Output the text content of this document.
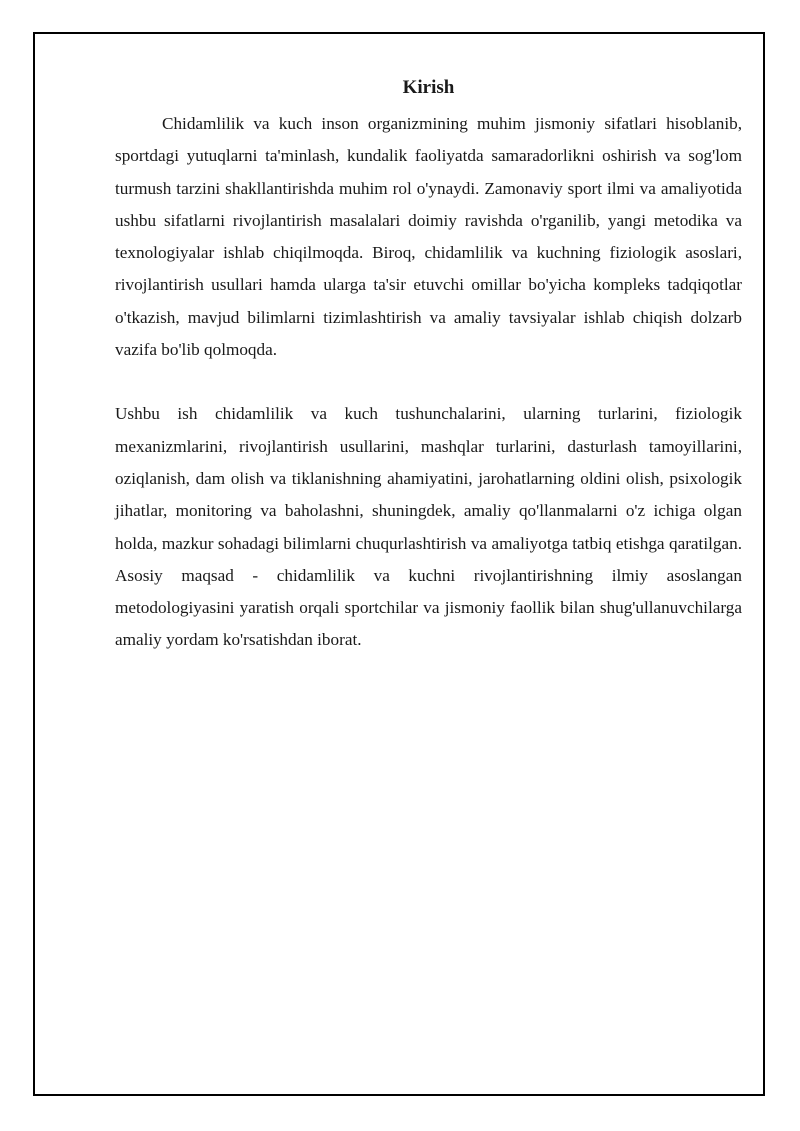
Kirish

Chidamlilik va kuch inson organizmining muhim jismoniy sifatlari hisoblanib, sportdagi yutuqlarni ta'minlash, kundalik faoliyatda samaradorlikni oshirish va sog'lom turmush tarzini shakllantirishda muhim rol o'ynaydi. Zamonaviy sport ilmi va amaliyotida ushbu sifatlarni rivojlantirish masalalari doimiy ravishda o'rganilib, yangi metodika va texnologiyalar ishlab chiqilmoqda. Biroq, chidamlilik va kuchning fiziologik asoslari, rivojlantirish usullari hamda ularga ta'sir etuvchi omillar bo'yicha kompleks tadqiqotlar o'tkazish, mavjud bilimlarni tizimlashtirish va amaliy tavsiyalar ishlab chiqish dolzarb vazifa bo'lib qolmoqda.

Ushbu ish chidamlilik va kuch tushunchalarini, ularning turlarini, fiziologik mexanizmlarini, rivojlantirish usullarini, mashqlar turlarini, dasturlash tamoyillarini, oziqlanish, dam olish va tiklanishning ahamiyatini, jarohatlarning oldini olish, psixologik jihatlar, monitoring va baholashni, shuningdek, amaliy qo'llanmalarni o'z ichiga olgan holda, mazkur sohadagi bilimlarni chuqurlashtirish va amaliyotga tatbiq etishga qaratilgan. Asosiy maqsad - chidamlilik va kuchni rivojlantirishning ilmiy asoslangan metodologiyasini yaratish orqali sportchilar va jismoniy faollik bilan shug'ullanuvchilarga amaliy yordam ko'rsatishdan iborat.
